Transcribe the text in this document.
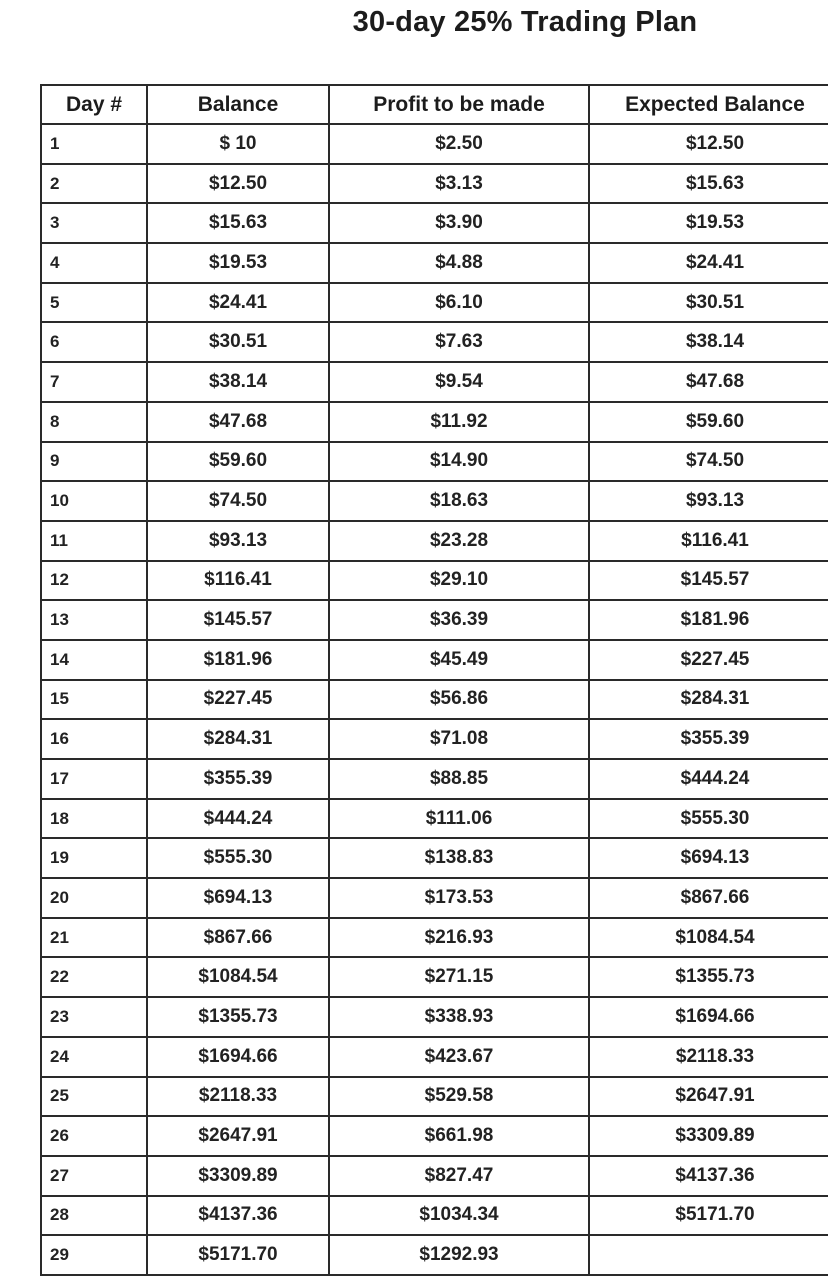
30-day 25% Trading Plan
Day #	Balance	Profit to be made	Expected Balance
1	$ 10	$2.50	$12.50
2	$12.50	$3.13	$15.63
3	$15.63	$3.90	$19.53
4	$19.53	$4.88	$24.41
5	$24.41	$6.10	$30.51
6	$30.51	$7.63	$38.14
7	$38.14	$9.54	$47.68
8	$47.68	$11.92	$59.60
9	$59.60	$14.90	$74.50
10	$74.50	$18.63	$93.13
11	$93.13	$23.28	$116.41
12	$116.41	$29.10	$145.57
13	$145.57	$36.39	$181.96
14	$181.96	$45.49	$227.45
15	$227.45	$56.86	$284.31
16	$284.31	$71.08	$355.39
17	$355.39	$88.85	$444.24
18	$444.24	$111.06	$555.30
19	$555.30	$138.83	$694.13
20	$694.13	$173.53	$867.66
21	$867.66	$216.93	$1084.54
22	$1084.54	$271.15	$1355.73
23	$1355.73	$338.93	$1694.66
24	$1694.66	$423.67	$2118.33
25	$2118.33	$529.58	$2647.91
26	$2647.91	$661.98	$3309.89
27	$3309.89	$827.47	$4137.36
28	$4137.36	$1034.34	$5171.70
29	$5171.70	$1292.93	
